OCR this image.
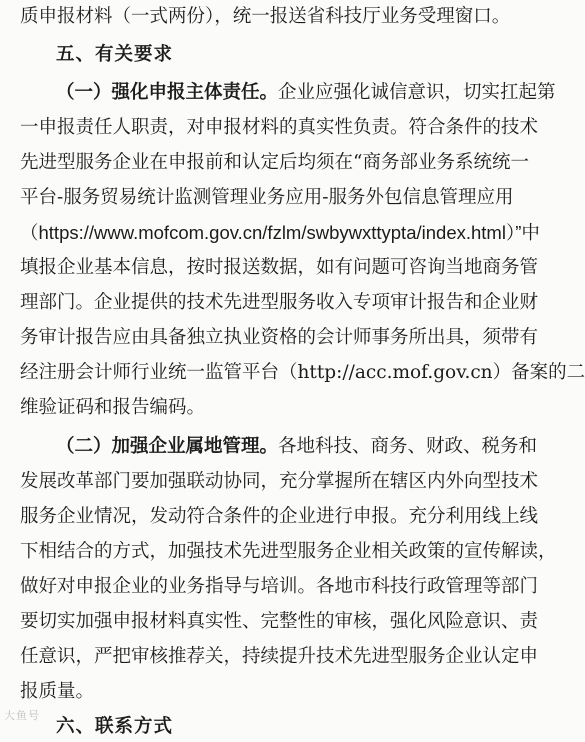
质申报材料（一式两份），统一报送省科技厅业务受理窗口。
五、有关要求
（一）强化申报主体责任。企业应强化诚信意识，切实扛起第
一申报责任人职责，对申报材料的真实性负责。符合条件的技术
先进型服务企业在申报前和认定后均须在“商务部业务系统统一
平台-服务贸易统计监测管理业务应用-服务外包信息管理应用
（https://www.mofcom.gov.cn/fzlm/swbywxttypta/index.html）”中
填报企业基本信息，按时报送数据，如有问题可咨询当地商务管
理部门。企业提供的技术先进型服务收入专项审计报告和企业财
务审计报告应由具备独立执业资格的会计师事务所出具，须带有
经注册会计师行业统一监管平台（http://acc.mof.gov.cn）备案的二
维验证码和报告编码。
（二）加强企业属地管理。各地科技、商务、财政、税务和
发展改革部门要加强联动协同，充分掌握所在辖区内外向型技术
服务企业情况，发动符合条件的企业进行申报。充分利用线上线
下相结合的方式，加强技术先进型服务企业相关政策的宣传解读，
做好对申报企业的业务指导与培训。各地市科技行政管理等部门
要切实加强申报材料真实性、完整性的审核，强化风险意识、责
任意识，严把审核推荐关，持续提升技术先进型服务企业认定申
报质量。
六、联系方式
大鱼号
